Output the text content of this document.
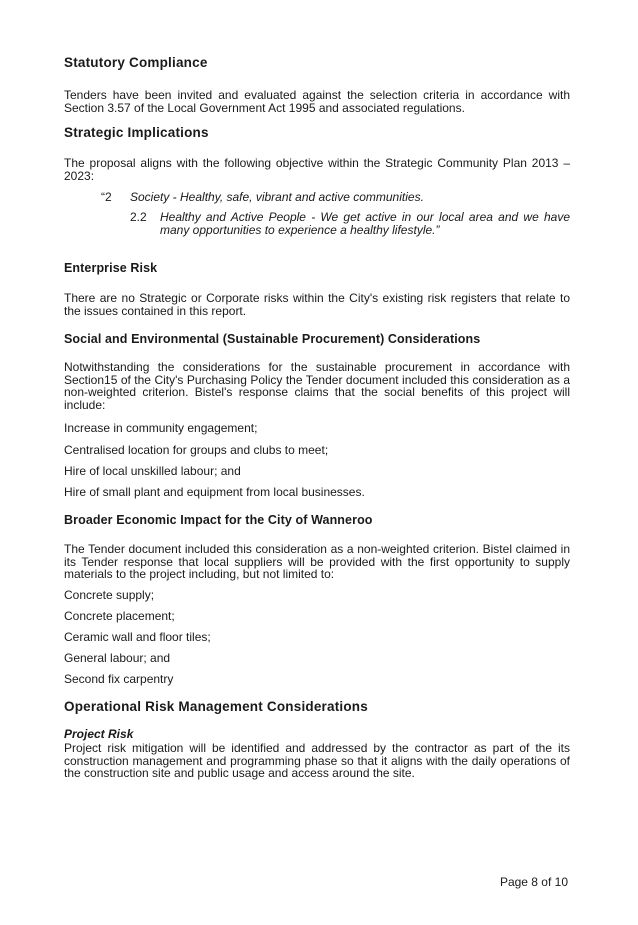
Statutory Compliance

Tenders have been invited and evaluated against the selection criteria in accordance with Section 3.57 of the Local Government Act 1995 and associated regulations.

Strategic Implications

The proposal aligns with the following objective within the Strategic Community Plan 2013 – 2023:

“2 Society - Healthy, safe, vibrant and active communities.

2.2 Healthy and Active People - We get active in our local area and we have many opportunities to experience a healthy lifestyle.”

Enterprise Risk

There are no Strategic or Corporate risks within the City's existing risk registers that relate to the issues contained in this report.

Social and Environmental (Sustainable Procurement) Considerations

Notwithstanding the considerations for the sustainable procurement in accordance with Section15 of the City's Purchasing Policy the Tender document included this consideration as a non-weighted criterion. Bistel's response claims that the social benefits of this project will include:

Increase in community engagement;

Centralised location for groups and clubs to meet;

Hire of local unskilled labour; and

Hire of small plant and equipment from local businesses.

Broader Economic Impact for the City of Wanneroo

The Tender document included this consideration as a non-weighted criterion. Bistel claimed in its Tender response that local suppliers will be provided with the first opportunity to supply materials to the project including, but not limited to:

Concrete supply;

Concrete placement;

Ceramic wall and floor tiles;

General labour; and

Second fix carpentry

Operational Risk Management Considerations

Project Risk

Project risk mitigation will be identified and addressed by the contractor as part of the its construction management and programming phase so that it aligns with the daily operations of the construction site and public usage and access around the site.

Page 8 of 10
